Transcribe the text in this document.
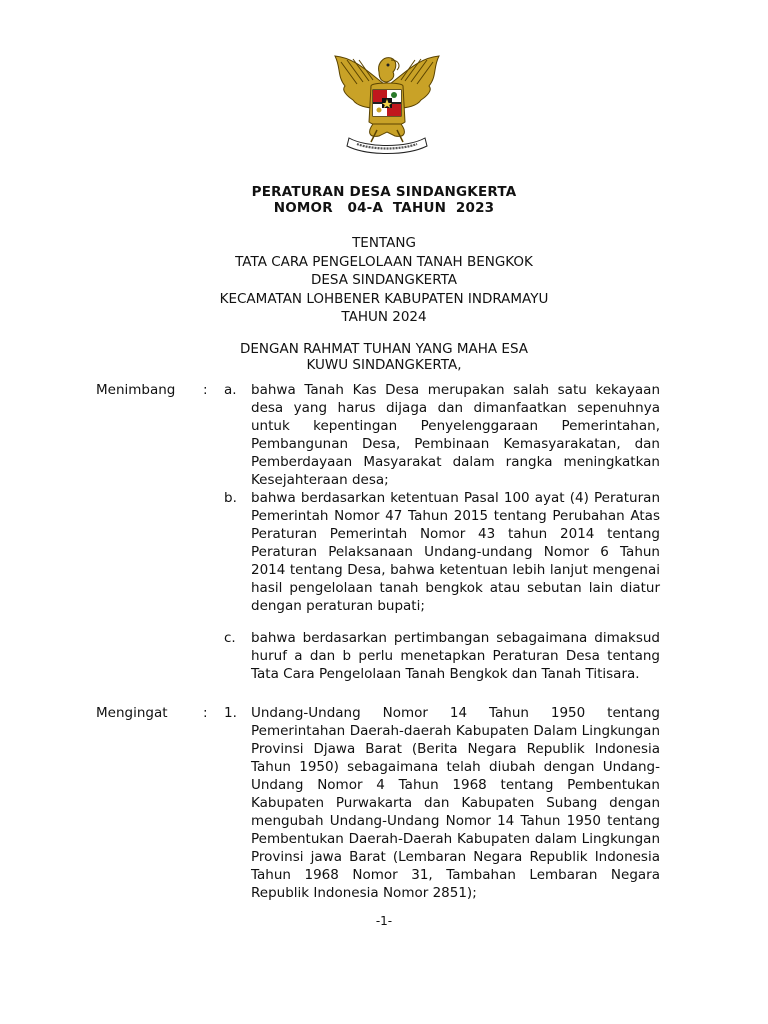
PERATURAN DESA SINDANGKERTA
NOMOR   04-A  TAHUN  2023
TENTANG
TATA CARA PENGELOLAAN TANAH BENGKOK
DESA SINDANGKERTA
KECAMATAN LOHBENER KABUPATEN INDRAMAYU
TAHUN 2024
DENGAN RAHMAT TUHAN YANG MAHA ESA
KUWU SINDANGKERTA,
Menimbang : a.	bahwa Tanah Kas Desa merupakan salah satu kekayaan desa yang harus dijaga dan dimanfaatkan sepenuhnya untuk kepentingan Penyelenggaraan Pemerintahan, Pembangunan Desa, Pembinaan Kemasyarakatan, dan Pemberdayaan Masyarakat dalam rangka meningkatkan Kesejahteraan desa;
b.	bahwa berdasarkan ketentuan Pasal 100 ayat (4) Peraturan Pemerintah Nomor 47 Tahun 2015 tentang Perubahan Atas Peraturan Pemerintah Nomor 43 tahun 2014 tentang Peraturan Pelaksanaan Undang-undang Nomor 6 Tahun 2014 tentang Desa, bahwa ketentuan lebih lanjut mengenai hasil pengelolaan tanah bengkok atau sebutan lain diatur dengan peraturan bupati;
c.	bahwa berdasarkan pertimbangan sebagaimana dimaksud huruf a dan b perlu menetapkan Peraturan Desa tentang Tata Cara Pengelolaan Tanah Bengkok dan Tanah Titisara.
Mengingat	: 1.	Undang-Undang Nomor 14 Tahun 1950 tentang Pemerintahan Daerah-daerah Kabupaten Dalam Lingkungan Provinsi Djawa Barat (Berita Negara Republik Indonesia Tahun 1950) sebagaimana telah diubah dengan Undang-Undang Nomor 4 Tahun 1968 tentang Pembentukan Kabupaten Purwakarta dan Kabupaten Subang dengan mengubah Undang-Undang Nomor 14 Tahun 1950 tentang Pembentukan Daerah-Daerah Kabupaten dalam Lingkungan Provinsi jawa Barat (Lembaran Negara Republik Indonesia Tahun 1968 Nomor 31, Tambahan Lembaran Negara Republik Indonesia Nomor 2851);
-1-
